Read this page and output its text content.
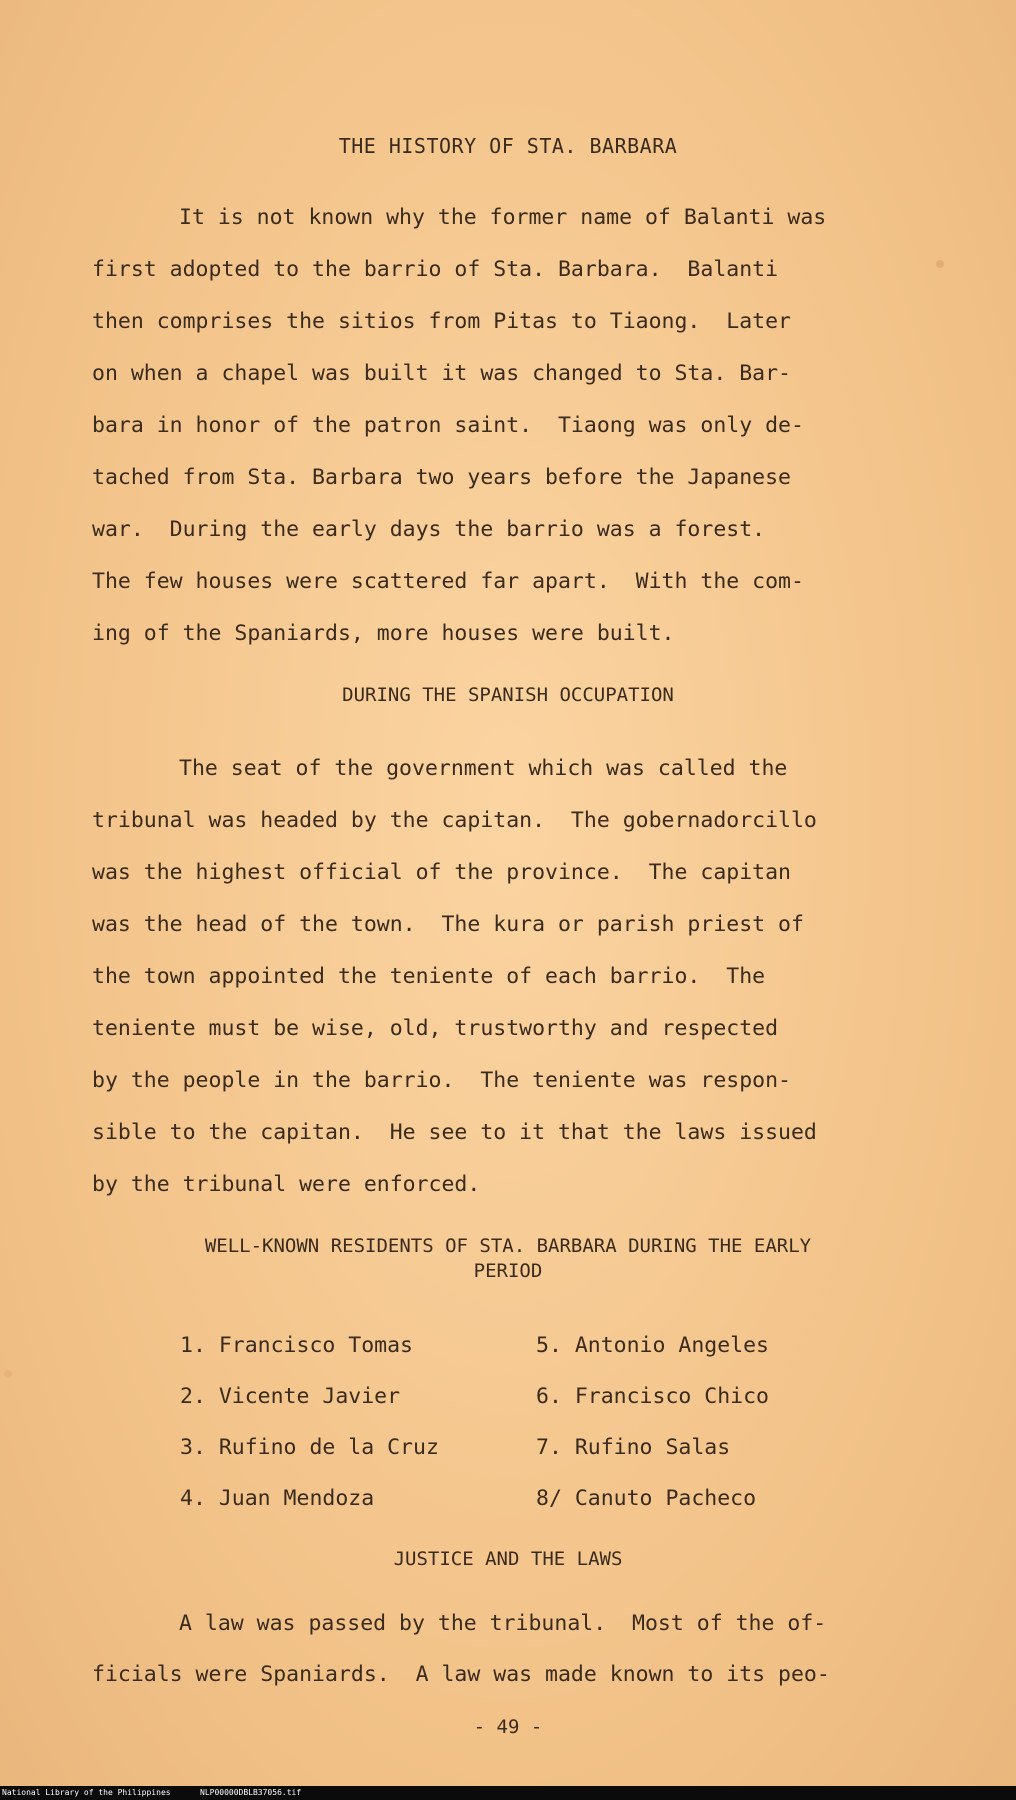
THE HISTORY OF STA. BARBARA

It is not known why the former name of Balanti was

first adopted to the barrio of Sta. Barbara.  Balanti

then comprises the sitios from Pitas to Tiaong.  Later

on when a chapel was built it was changed to Sta. Bar-

bara in honor of the patron saint.  Tiaong was only de-

tached from Sta. Barbara two years before the Japanese

war.  During the early days the barrio was a forest.

The few houses were scattered far apart.  With the com-

ing of the Spaniards, more houses were built.

DURING THE SPANISH OCCUPATION

The seat of the government which was called the

tribunal was headed by the capitan.  The gobernadorcillo

was the highest official of the province.  The capitan

was the head of the town.  The kura or parish priest of

the town appointed the teniente of each barrio.  The

teniente must be wise, old, trustworthy and respected

by the people in the barrio.  The teniente was respon-

sible to the capitan.  He see to it that the laws issued

by the tribunal were enforced.

WELL-KNOWN RESIDENTS OF STA. BARBARA DURING THE EARLY

PERIOD

1. Francisco Tomas
2. Vicente Javier
3. Rufino de la Cruz
4. Juan Mendoza
5. Antonio Angeles
6. Francisco Chico
7. Rufino Salas
8/ Canuto Pacheco

JUSTICE AND THE LAWS

A law was passed by the tribunal.  Most of the of-

ficials were Spaniards.  A law was made known to its peo-

- 49 -
National Library of the Philippines	NLP00000DBLB37056.tif
